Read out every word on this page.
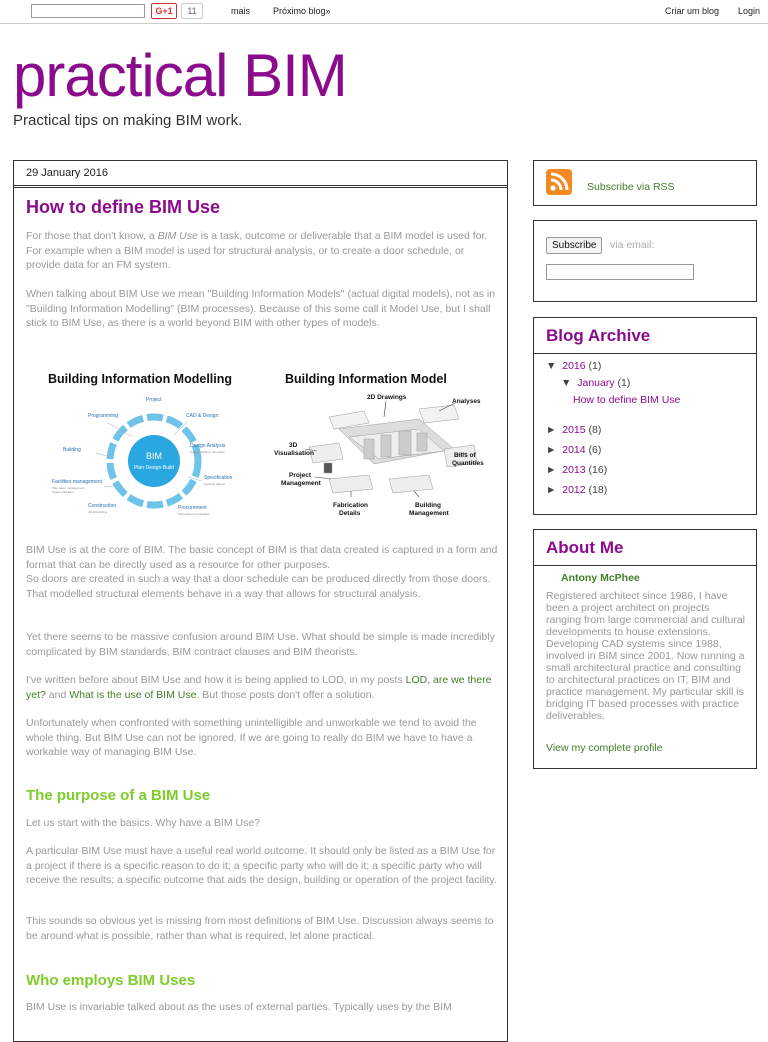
G+1	11	mais	Próximo blog»	Criar um blog Login
practical BIM
Practical tips on making BIM work.
29 January 2016
How to define BIM Use
For those that don't know, a BIM Use is a task, outcome or deliverable that a BIM model is used for. For example when a BIM model is used for structural analysis, or to create a door schedule, or provide data for an FM system.
When talking about BIM Use we mean "Building Information Models" (actual digital models), not as in "Building Information Modelling" (BIM processes). Because of this some call it Model Use, but I shall stick to BIM Use, as there is a world beyond BIM with other types of models.
Building Information Modelling
BIM
Plan·Design·Build
Project
Programming	CAD & Design
Design Analysis
Building
Specification
Facilities management
Procurement
Construction
Plan asset management
Space utilisation
4D scheduling	Procurement schedules
Energy, lighting, acoustics
Quantity takeoff
Building Information Model
2D Drawings
Analyses
3D Visualisation	Bills of Quantities
Project Management
Fabrication Details
Building Management
BIM Use is at the core of BIM. The basic concept of BIM is that data created is captured in a form and format that can be directly used as a resource for other purposes.
So doors are created in such a way that a door schedule can be produced directly from those doors. That modelled structural elements behave in a way that allows for structural analysis.
Yet there seems to be massive confusion around BIM Use. What should be simple is made incredibly complicated by BIM standards, BIM contract clauses and BIM theorists.
I've written before about BIM Use and how it is being applied to LOD, in my posts LOD, are we there yet? and What is the use of BIM Use. But those posts don't offer a solution.
Unfortunately when confronted with something unintelligible and unworkable we tend to avoid the whole thing. But BIM Use can not be ignored. If we are going to really do BIM we have to have a workable way of managing BIM Use.
The purpose of a BIM Use
Let us start with the basics. Why have a BIM Use?
A particular BIM Use must have a useful real world outcome. It should only be listed as a BIM Use for a project if there is a specific reason to do it; a specific party who will do it; a specific party who will receive the results; a specific outcome that aids the design, building or operation of the project facility.
This sounds so obvious yet is missing from most definitions of BIM Use. Discussion always seems to be around what is possible, rather than what is required, let alone practical.
Who employs BIM Uses
BIM Use is invariable talked about as the uses of external parties. Typically uses by the BIM
Subscribe via RSS
Subscribe	via email:
Blog Archive
▼ 2016 (1)
▼ January (1)
How to define BIM Use
► 2015 (8)
► 2014 (6)
► 2013 (16)
► 2012 (18)
About Me
Antony McPhee
Registered architect since 1986, I have been a project architect on projects ranging from large commercial and cultural developments to house extensions. Developing CAD systems since 1988, involved in BIM since 2001. Now running a small architectural practice and consulting to architectural practices on IT, BIM and practice management. My particular skill is bridging IT based processes with practice deliverables.
View my complete profile
